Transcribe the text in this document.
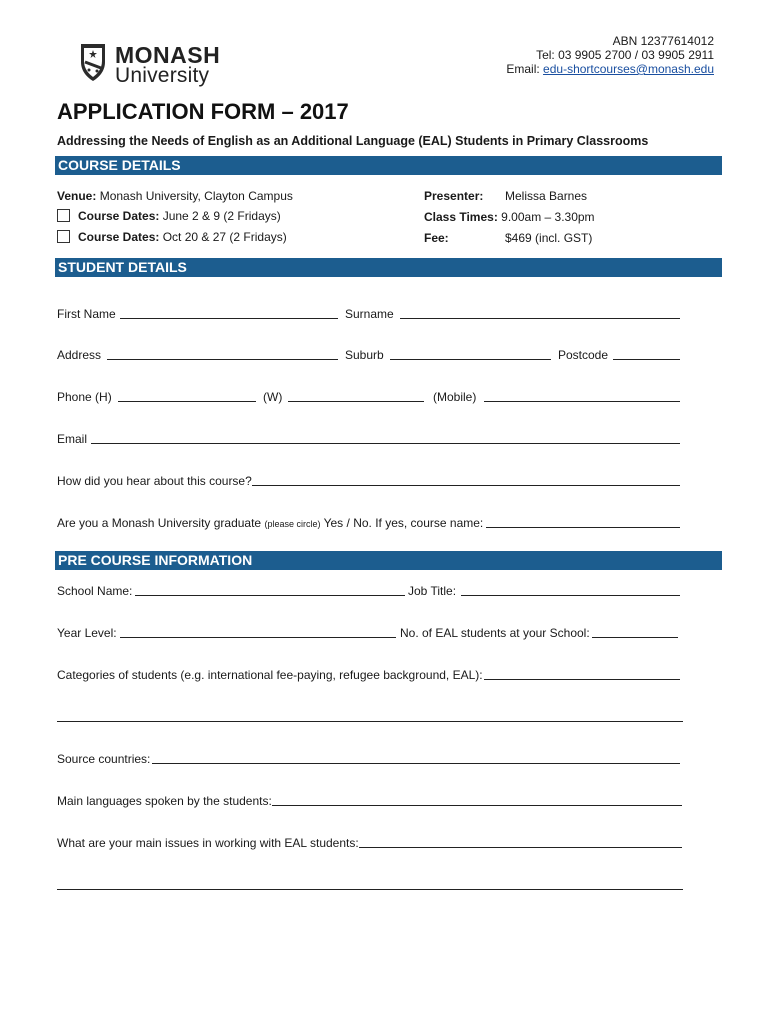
MONASH
University
ABN 12377614012
Tel: 03 9905 2700 / 03 9905 2911
Email: edu-shortcourses@monash.edu
APPLICATION FORM – 2017
Addressing the Needs of English as an Additional Language (EAL) Students in Primary Classrooms
COURSE DETAILS
Venue: Monash University, Clayton Campus	Presenter: Melissa Barnes
Course Dates: June 2 & 9 (2 Fridays)	Class Times: 9.00am – 3.30pm
Course Dates: Oct 20 & 27 (2 Fridays)	Fee:	$469 (incl. GST)
STUDENT DETAILS
First Name	Surname
Address	Suburb	Postcode
Phone (H)	(W)	(Mobile)
Email
How did you hear about this course?
Are you a Monash University graduate (please circle) Yes / No. If yes, course name:
PRE COURSE INFORMATION
School Name:	Job Title:
Year Level:	No. of EAL students at your School:
Categories of students (e.g. international fee-paying, refugee background, EAL):
Source countries:
Main languages spoken by the students:
What are your main issues in working with EAL students:
